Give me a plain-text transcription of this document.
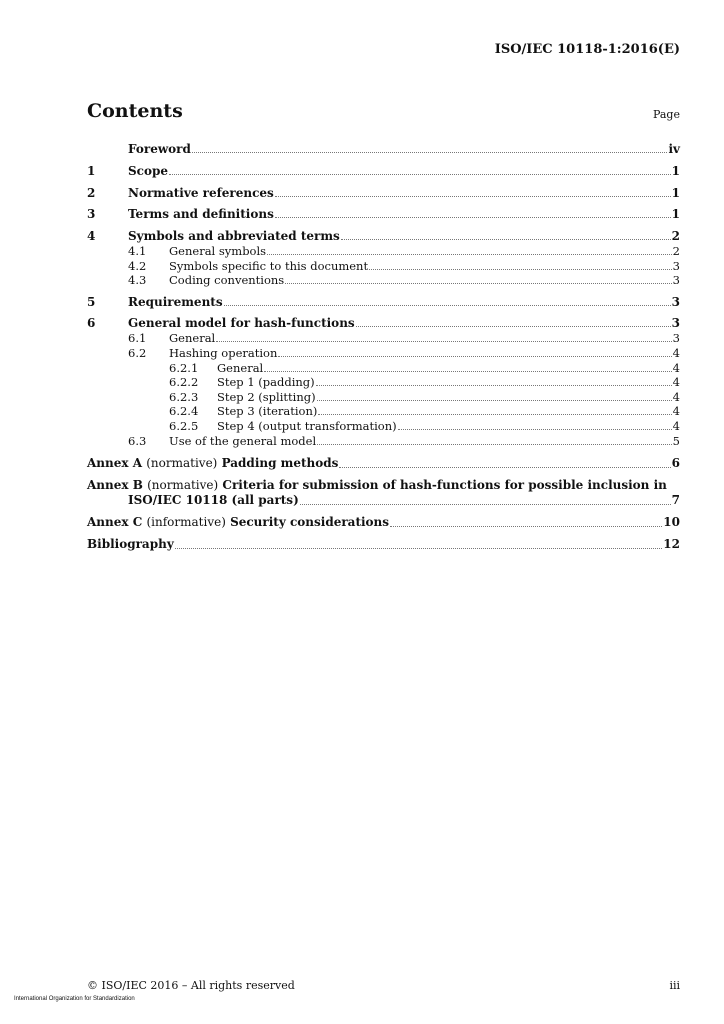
ISO/IEC 10118-1:2016(E)
Contents	Page
Foreword	iv
1	Scope	1
2	Normative references	1
3	Terms and definitions	1
4	Symbols and abbreviated terms	2
4.1 General symbols	2
4.2 Symbols specific to this document	3
4.3 Coding conventions	3
5	Requirements	3
6	General model for hash-functions	3
6.1 General	3
6.2 Hashing operation	4
6.2.1 General	4
6.2.2 Step 1 (padding)	4
6.2.3 Step 2 (splitting)	4
6.2.4 Step 3 (iteration)	4
6.2.5 Step 4 (output transformation)	4
6.3 Use of the general model	5
Annex A (normative) Padding methods	6
Annex B (normative) Criteria for submission of hash-functions for possible inclusion in
ISO/IEC 10118 (all parts)	7
Annex C (informative) Security considerations	10
Bibliography	12
International Organization for Standardization
© ISO/IEC 2016 – All rights reserved	iii
